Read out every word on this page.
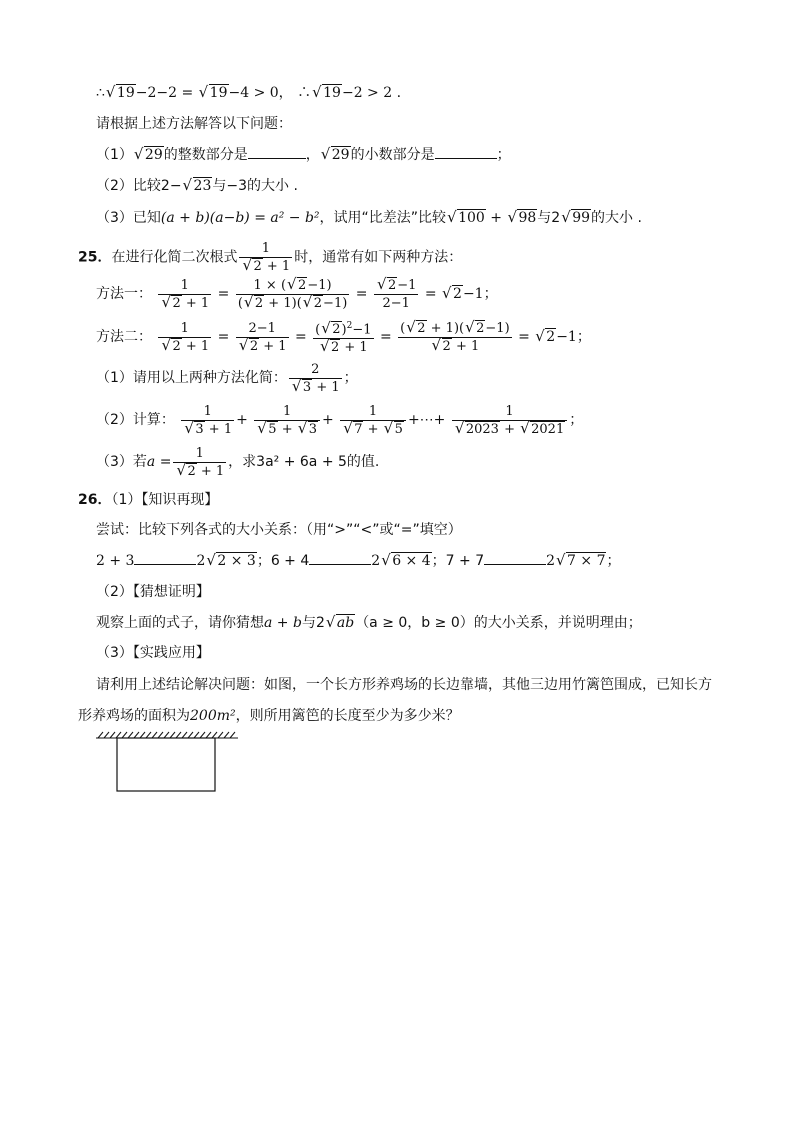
∴ √ 19−2−2 = √ 19−4 > 0， ∴ √ 19−2 > 2 .
请根据上述方法解答以下问题：
（1） √ 29的整数部分是	， √ 29的小数部分是	；
（2）比较2− √ 23与−3的大小 .
（3）已知(a + b)(a−b) = a² − b²，试用“比差法”比较 √ 100 + √ 98与2 √ 99的大小 .
25．在进行化简二次根式 1
√ 2 + 1 时，通常有如下两种方法：
方法一： 1
√ $2 + 1 = \frac{1 \times ( √ 2-1)}{( √ 2 + 1)( √ 2-1)}$ = √ $\frac{2-1}{2-1}$ = √ 2−1；
方法二： 1
√ 2 + 1 = 2−1
√ 2 + 1 = ( √ 2)$^2$−1
√ 2 + 1 = ( √ 2 + 1)( √ 2−1)
√ 2 + 1 = √ 2−1；
（1）请用以上两种方法化简： 2
√ 3 + 1 ；
（2）计算： 1
√ 3 + 1 + 1
√ 5 + √ 3 + 1
√ 7 + √ 5 +⋯+ 1
√ 2023 + √ 2021 ；
（3）若a = 1
√ 2 + 1 ，求3a² + 6a + 5的值.
26．（1）【知识再现】
尝试：比较下列各式的大小关系：（用“>”“<”或“=”填空）
2 + 3	2 √ 2 × 3；6 + 4	2 √ 6 × 4；7 + 7	2 √ 7 × 7；
（2）【猜想证明】
观察上面的式子，请你猜想a + b与2 √ ab（a ≥ 0，b ≥ 0）的大小关系，并说明理由；
（3）【实践应用】
请利用上述结论解决问题：如图，一个长方形养鸡场的长边靠墙，其他三边用竹篱笆围成，已知长方
形养鸡场的面积为200m²，则所用篱笆的长度至少为多少米？
